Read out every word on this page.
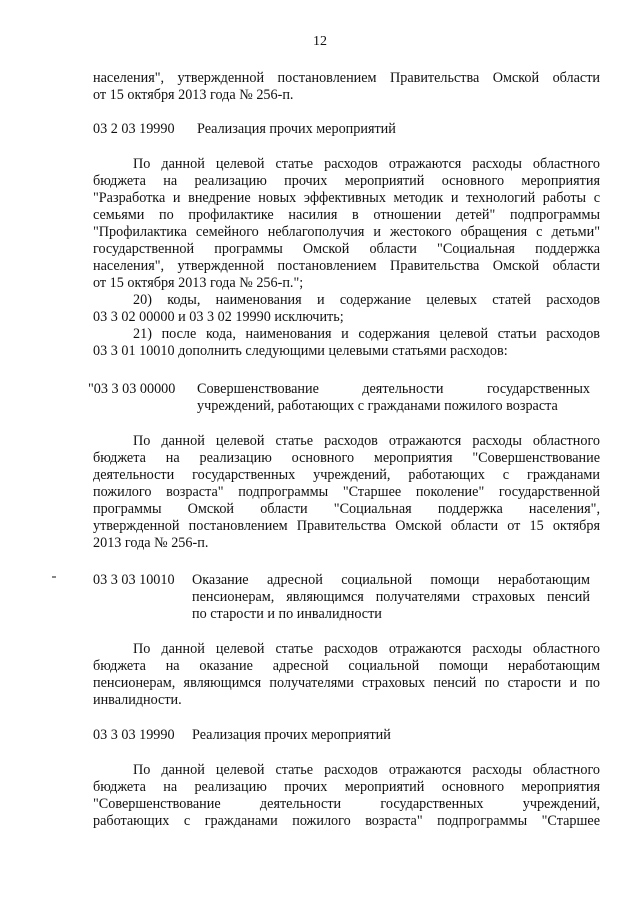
12
населения", утвержденной постановлением Правительства Омской области
от 15 октября 2013 года № 256-п.
03 2 03 19990 Реализация прочих мероприятий
По данной целевой статье расходов отражаются расходы областного
бюджета на реализацию прочих мероприятий основного мероприятия
"Разработка и внедрение новых эффективных методик и технологий работы с
семьями по профилактике насилия в отношении детей" подпрограммы
"Профилактика семейного неблагополучия и жестокого обращения с детьми"
государственной программы Омской области "Социальная поддержка
населения", утвержденной постановлением Правительства Омской области
от 15 октября 2013 года № 256-п.";
20) коды, наименования и содержание целевых статей расходов
03 3 02 00000 и 03 3 02 19990 исключить;
21) после кода, наименования и содержания целевой статьи расходов
03 3 01 10010 дополнить следующими целевыми статьями расходов:
"03 3 03 00000 Совершенствование деятельности государственных
учреждений, работающих с гражданами пожилого возраста
По данной целевой статье расходов отражаются расходы областного
бюджета на реализацию основного мероприятия "Совершенствование
деятельности государственных учреждений, работающих с гражданами
пожилого возраста" подпрограммы "Старшее поколение" государственной
программы Омской области "Социальная поддержка населения",
утвержденной постановлением Правительства Омской области от 15 октября
2013 года № 256-п.
03 3 03 10010 Оказание адресной социальной помощи неработающим
пенсионерам, являющимся получателями страховых пенсий
по старости и по инвалидности
По данной целевой статье расходов отражаются расходы областного
бюджета на оказание адресной социальной помощи неработающим
пенсионерам, являющимся получателями страховых пенсий по старости и по
инвалидности.
03 3 03 19990 Реализация прочих мероприятий
По данной целевой статье расходов отражаются расходы областного
бюджета на реализацию прочих мероприятий основного мероприятия
"Совершенствование деятельности государственных учреждений,
работающих с гражданами пожилого возраста" подпрограммы "Старшее
